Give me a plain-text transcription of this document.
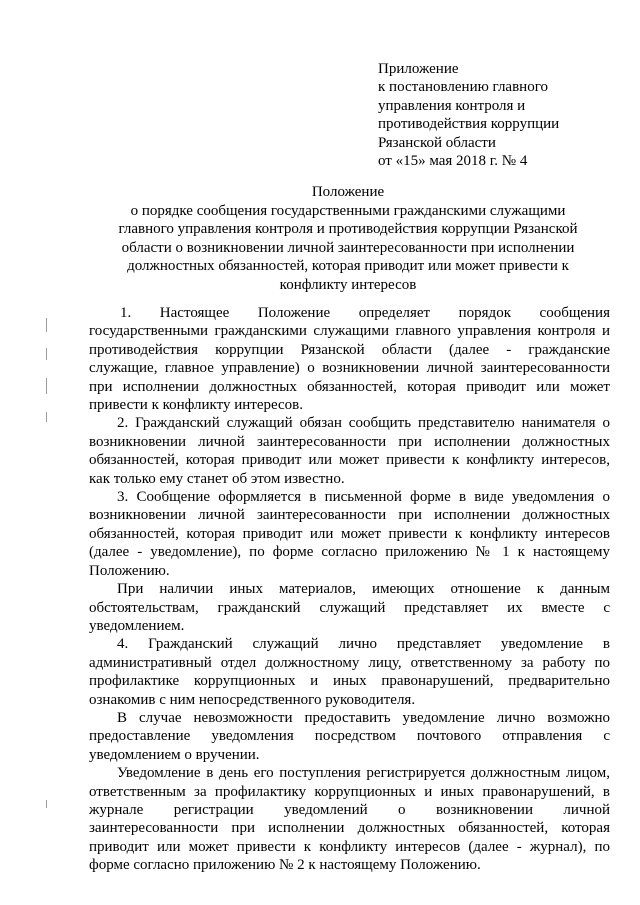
Приложение
к постановлению главного
управления контроля и
противодействия коррупции
Рязанской области
от «15» мая 2018 г. № 4
Положение
о порядке сообщения государственными гражданскими служащими
главного управления контроля и противодействия коррупции Рязанской
области о возникновении личной заинтересованности при исполнении
должностных обязанностей, которая приводит или может привести к
конфликту интересов
1. Настоящее Положение определяет порядок сообщения
государственными гражданскими служащими главного управления контроля и
противодействия коррупции Рязанской области (далее - гражданские
служащие, главное управление) о возникновении личной заинтересованности
при исполнении должностных обязанностей, которая приводит или может
привести к конфликту интересов.
2. Гражданский служащий обязан сообщить представителю нанимателя о
возникновении личной заинтересованности при исполнении должностных
обязанностей, которая приводит или может привести к конфликту интересов,
как только ему станет об этом известно.
3. Сообщение оформляется в письменной форме в виде уведомления о
возникновении личной заинтересованности при исполнении должностных
обязанностей, которая приводит или может привести к конфликту интересов
(далее - уведомление), по форме согласно приложению № 1 к настоящему
Положению.
При наличии иных материалов, имеющих отношение к данным
обстоятельствам, гражданский служащий представляет их вместе с
уведомлением.
4. Гражданский служащий лично представляет уведомление в
административный отдел должностному лицу, ответственному за работу по
профилактике коррупционных и иных правонарушений, предварительно
ознакомив с ним непосредственного руководителя.
В случае невозможности предоставить уведомление лично возможно
предоставление уведомления посредством почтового отправления с
уведомлением о вручении.
Уведомление в день его поступления регистрируется должностным лицом,
ответственным за профилактику коррупционных и иных правонарушений, в
журнале регистрации уведомлений о возникновении личной
заинтересованности при исполнении должностных обязанностей, которая
приводит или может привести к конфликту интересов (далее - журнал), по
форме согласно приложению № 2 к настоящему Положению.
